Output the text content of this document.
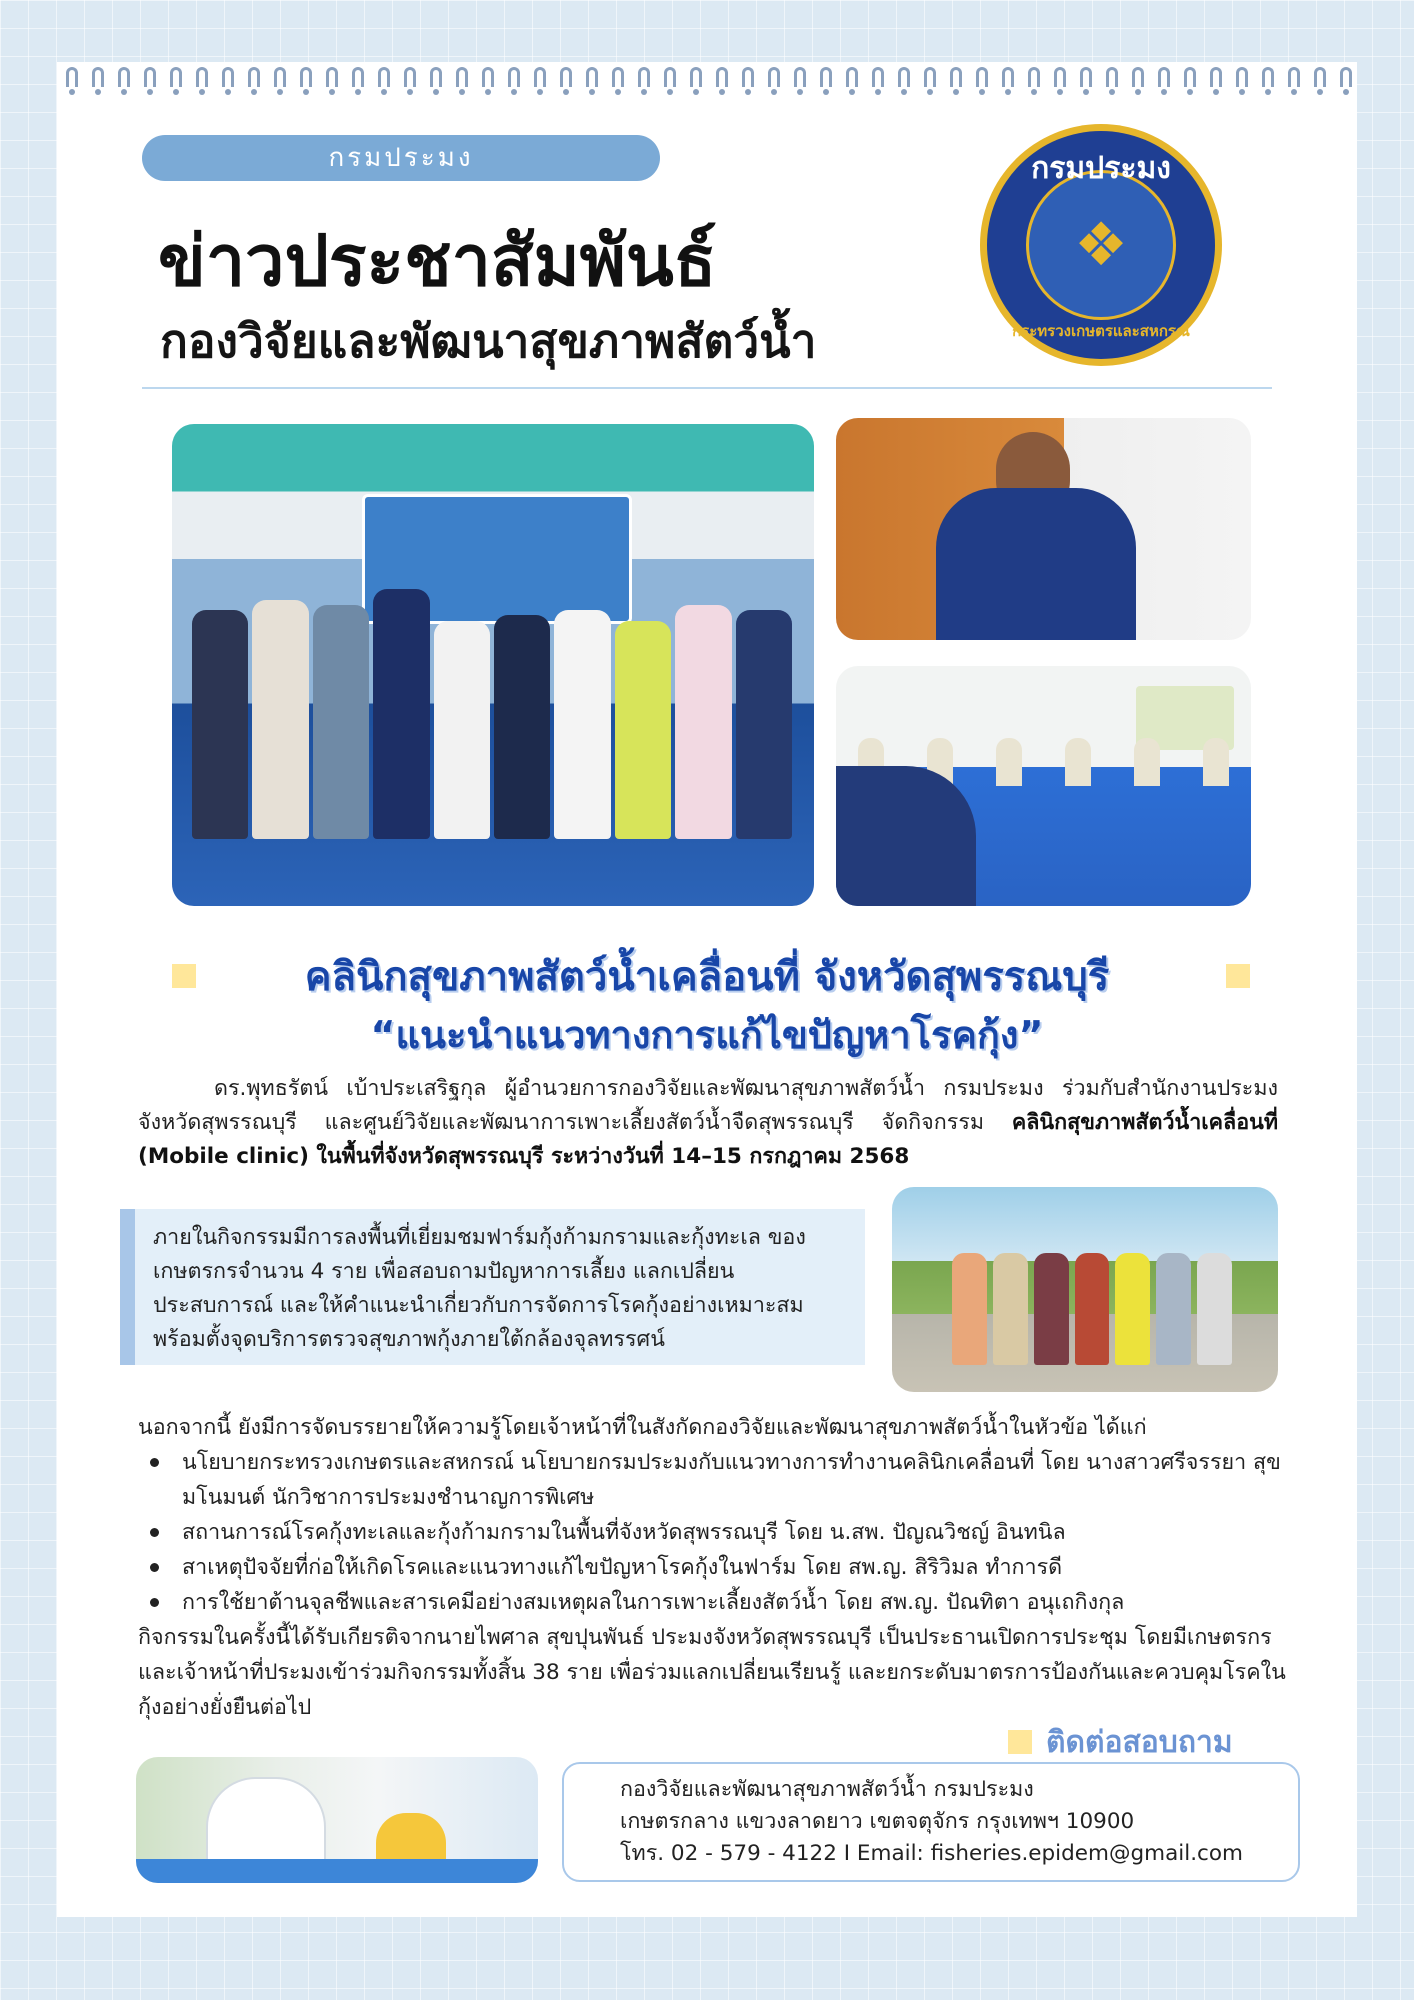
กรมประมง
ข่าวประชาสัมพันธ์
กองวิจัยและพัฒนาสุขภาพสัตว์น้ำ
กรมประมง
❖
กระทรวงเกษตรและสหกรณ์
คลินิกสุขภาพสัตว์น้ำเคลื่อนที่ จังหวัดสุพรรณบุรี
“แนะนำแนวทางการแก้ไขปัญหาโรคกุ้ง”
ดร.พุทธรัตน์ เบ้าประเสริฐกุล ผู้อำนวยการกองวิจัยและพัฒนาสุขภาพสัตว์น้ำ กรมประมง ร่วมกับสำนักงานประมงจังหวัดสุพรรณบุรี และศูนย์วิจัยและพัฒนาการเพาะเลี้ยงสัตว์น้ำจืดสุพรรณบุรี จัดกิจกรรม คลินิกสุขภาพสัตว์น้ำเคลื่อนที่ (Mobile clinic) ในพื้นที่จังหวัดสุพรรณบุรี ระหว่างวันที่ 14–15 กรกฎาคม 2568
ภายในกิจกรรมมีการลงพื้นที่เยี่ยมชมฟาร์มกุ้งก้ามกรามและกุ้งทะเล ของเกษตรกรจำนวน 4 ราย เพื่อสอบถามปัญหาการเลี้ยง แลกเปลี่ยนประสบการณ์ และให้คำแนะนำเกี่ยวกับการจัดการโรคกุ้งอย่างเหมาะสม พร้อมตั้งจุดบริการตรวจสุขภาพกุ้งภายใต้กล้องจุลทรรศน์
นอกจากนี้ ยังมีการจัดบรรยายให้ความรู้โดยเจ้าหน้าที่ในสังกัดกองวิจัยและพัฒนาสุขภาพสัตว์น้ำในหัวข้อ ได้แก่
นโยบายกระทรวงเกษตรและสหกรณ์ นโยบายกรมประมงกับแนวทางการทำงานคลินิกเคลื่อนที่ โดย นางสาวศรีจรรยา สุขมโนมนต์ นักวิชาการประมงชำนาญการพิเศษ
สถานการณ์โรคกุ้งทะเลและกุ้งก้ามกรามในพื้นที่จังหวัดสุพรรณบุรี โดย น.สพ. ปัญณวิชญ์ อินทนิล
สาเหตุปัจจัยที่ก่อให้เกิดโรคและแนวทางแก้ไขปัญหาโรคกุ้งในฟาร์ม โดย สพ.ญ. สิริวิมล ทำการดี
การใช้ยาต้านจุลชีพและสารเคมีอย่างสมเหตุผลในการเพาะเลี้ยงสัตว์น้ำ โดย สพ.ญ. ปัณทิตา อนุเถกิงกุล
กิจกรรมในครั้งนี้ได้รับเกียรติจากนายไพศาล สุขปุนพันธ์ ประมงจังหวัดสุพรรณบุรี เป็นประธานเปิดการประชุม โดยมีเกษตรกรและเจ้าหน้าที่ประมงเข้าร่วมกิจกรรมทั้งสิ้น 38 ราย เพื่อร่วมแลกเปลี่ยนเรียนรู้ และยกระดับมาตรการป้องกันและควบคุมโรคในกุ้งอย่างยั่งยืนต่อไป
ติดต่อสอบถาม
กองวิจัยและพัฒนาสุขภาพสัตว์น้ำ กรมประมง
เกษตรกลาง แขวงลาดยาว เขตจตุจักร กรุงเทพฯ 10900
โทร. 02 - 579 - 4122 I Email: fisheries.epidem@gmail.com
